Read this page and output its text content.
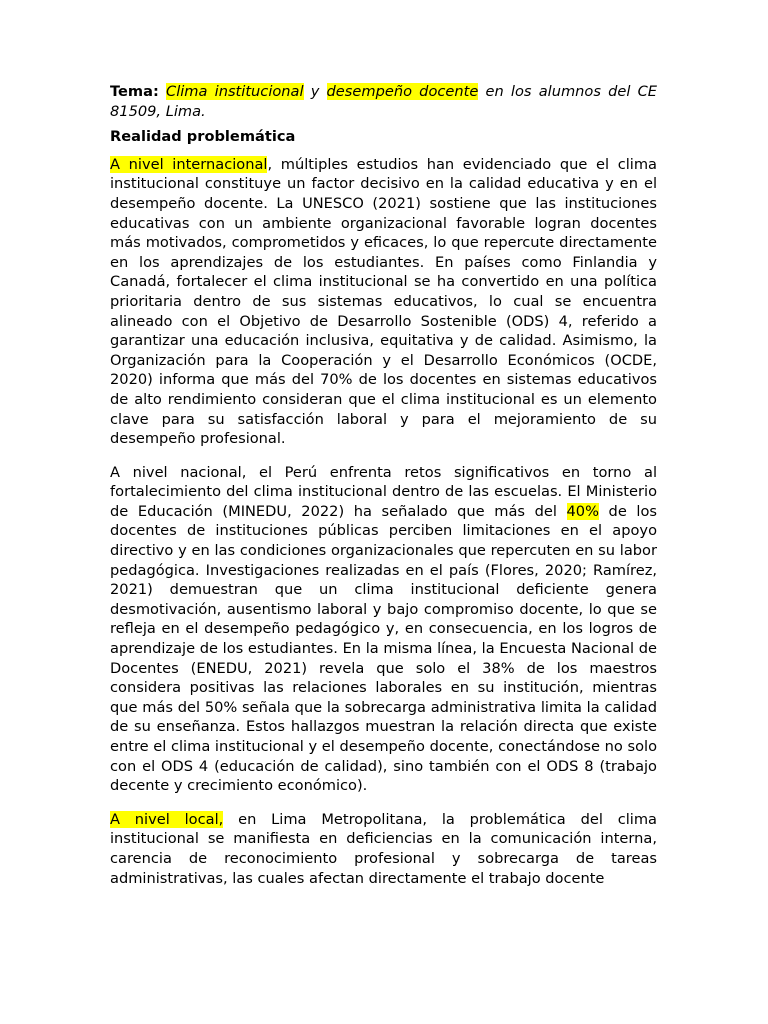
Tema: Clima institucional y desempeño docente en los alumnos del CE 81509, Lima.

Realidad problemática

A nivel internacional, múltiples estudios han evidenciado que el clima institucional constituye un factor decisivo en la calidad educativa y en el desempeño docente. La UNESCO (2021) sostiene que las instituciones educativas con un ambiente organizacional favorable logran docentes más motivados, comprometidos y eficaces, lo que repercute directamente en los aprendizajes de los estudiantes. En países como Finlandia y Canadá, fortalecer el clima institucional se ha convertido en una política prioritaria dentro de sus sistemas educativos, lo cual se encuentra alineado con el Objetivo de Desarrollo Sostenible (ODS) 4, referido a garantizar una educación inclusiva, equitativa y de calidad. Asimismo, la Organización para la Cooperación y el Desarrollo Económicos (OCDE, 2020) informa que más del 70% de los docentes en sistemas educativos de alto rendimiento consideran que el clima institucional es un elemento clave para su satisfacción laboral y para el mejoramiento de su desempeño profesional.

A nivel nacional, el Perú enfrenta retos significativos en torno al fortalecimiento del clima institucional dentro de las escuelas. El Ministerio de Educación (MINEDU, 2022) ha señalado que más del 40% de los docentes de instituciones públicas perciben limitaciones en el apoyo directivo y en las condiciones organizacionales que repercuten en su labor pedagógica. Investigaciones realizadas en el país (Flores, 2020; Ramírez, 2021) demuestran que un clima institucional deficiente genera desmotivación, ausentismo laboral y bajo compromiso docente, lo que se refleja en el desempeño pedagógico y, en consecuencia, en los logros de aprendizaje de los estudiantes. En la misma línea, la Encuesta Nacional de Docentes (ENEDU, 2021) revela que solo el 38% de los maestros considera positivas las relaciones laborales en su institución, mientras que más del 50% señala que la sobrecarga administrativa limita la calidad de su enseñanza. Estos hallazgos muestran la relación directa que existe entre el clima institucional y el desempeño docente, conectándose no solo con el ODS 4 (educación de calidad), sino también con el ODS 8 (trabajo decente y crecimiento económico).

A nivel local, en Lima Metropolitana, la problemática del clima institucional se manifiesta en deficiencias en la comunicación interna, carencia de reconocimiento profesional y sobrecarga de tareas administrativas, las cuales afectan directamente el trabajo docente
